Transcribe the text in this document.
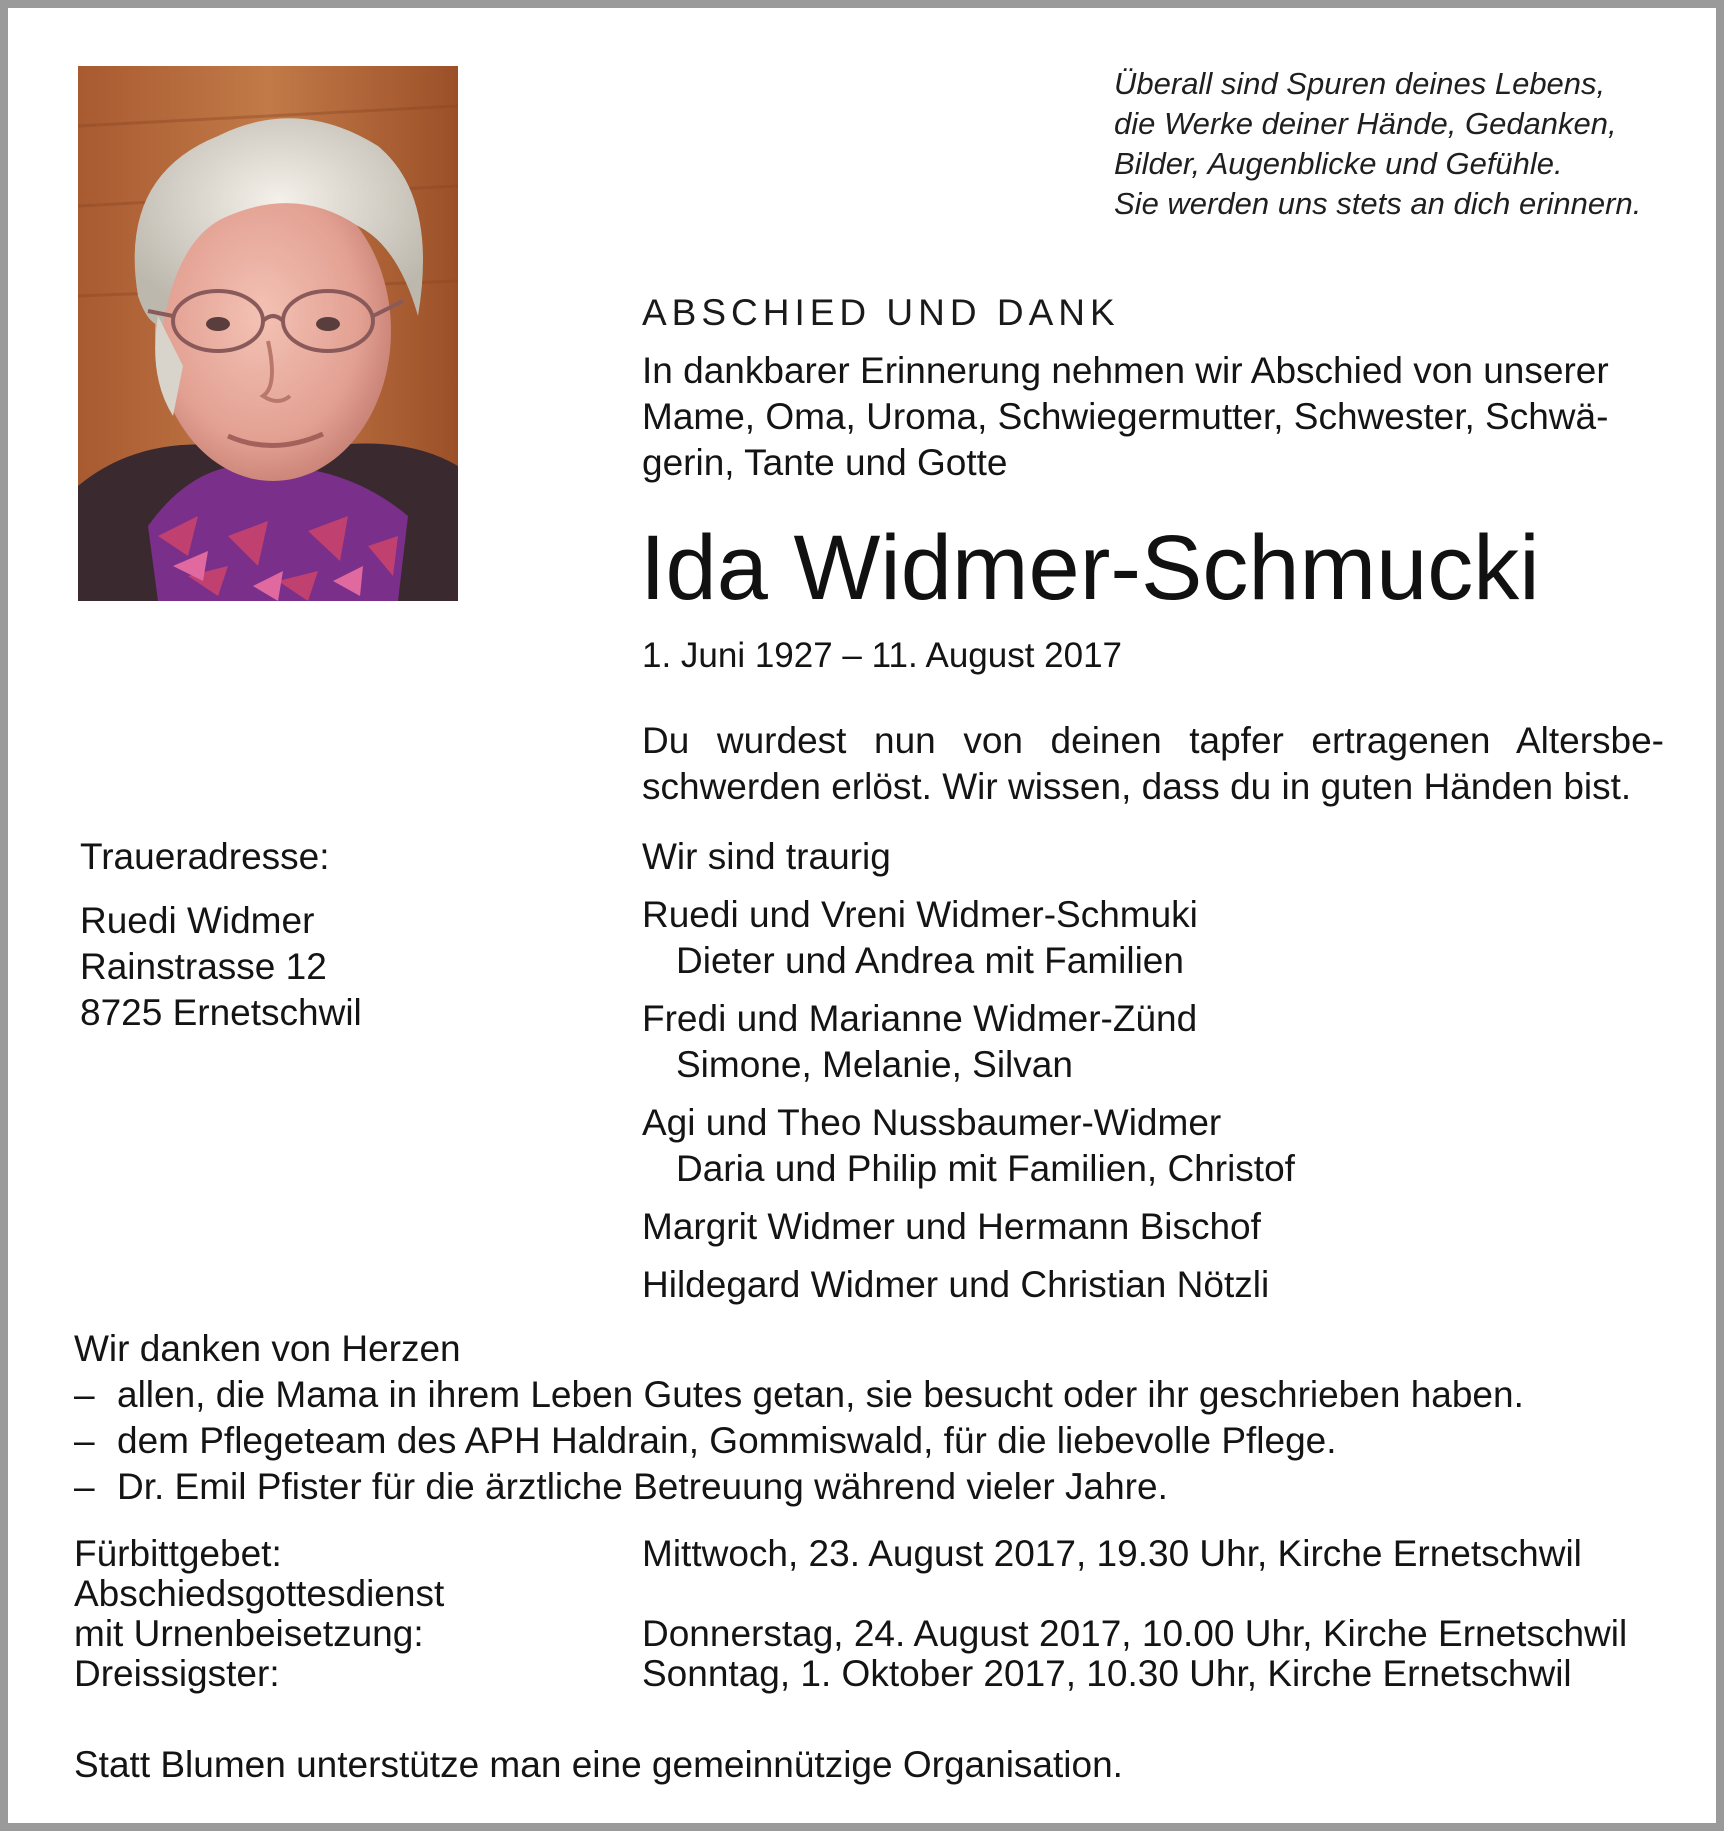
Überall sind Spuren deines Lebens,
die Werke deiner Hände, Gedanken,
Bilder, Augenblicke und Gefühle.
Sie werden uns stets an dich erinnern.
ABSCHIED UND DANK
In dankbarer Erinnerung nehmen wir Abschied von unserer
Mame, Oma, Uroma, Schwiegermutter, Schwester, Schwä-
gerin, Tante und Gotte
Ida Widmer-Schmucki
1. Juni 1927 – 11. August 2017
Du wurdest nun von deinen tapfer ertragenen Altersbe-
schwerden erlöst. Wir wissen, dass du in guten Händen bist.
Traueradresse:
Ruedi Widmer
Rainstrasse 12
8725 Ernetschwil
Wir sind traurig
Ruedi und Vreni Widmer-Schmuki
Dieter und Andrea mit Familien
Fredi und Marianne Widmer-Zünd
Simone, Melanie, Silvan
Agi und Theo Nussbaumer-Widmer
Daria und Philip mit Familien, Christof
Margrit Widmer und Hermann Bischof
Hildegard Widmer und Christian Nötzli
Wir danken von Herzen
– allen, die Mama in ihrem Leben Gutes getan, sie besucht oder ihr geschrieben haben.
– dem Pflegeteam des APH Haldrain, Gommiswald, für die liebevolle Pflege.
– Dr. Emil Pfister für die ärztliche Betreuung während vieler Jahre.
Fürbittgebet:	Mittwoch, 23. August 2017, 19.30 Uhr, Kirche Ernetschwil
Abschiedsgottesdienst
mit Urnenbeisetzung:	Donnerstag, 24. August 2017, 10.00 Uhr, Kirche Ernetschwil
Dreissigster:	Sonntag, 1. Oktober 2017, 10.30 Uhr, Kirche Ernetschwil
Statt Blumen unterstütze man eine gemeinnützige Organisation.
